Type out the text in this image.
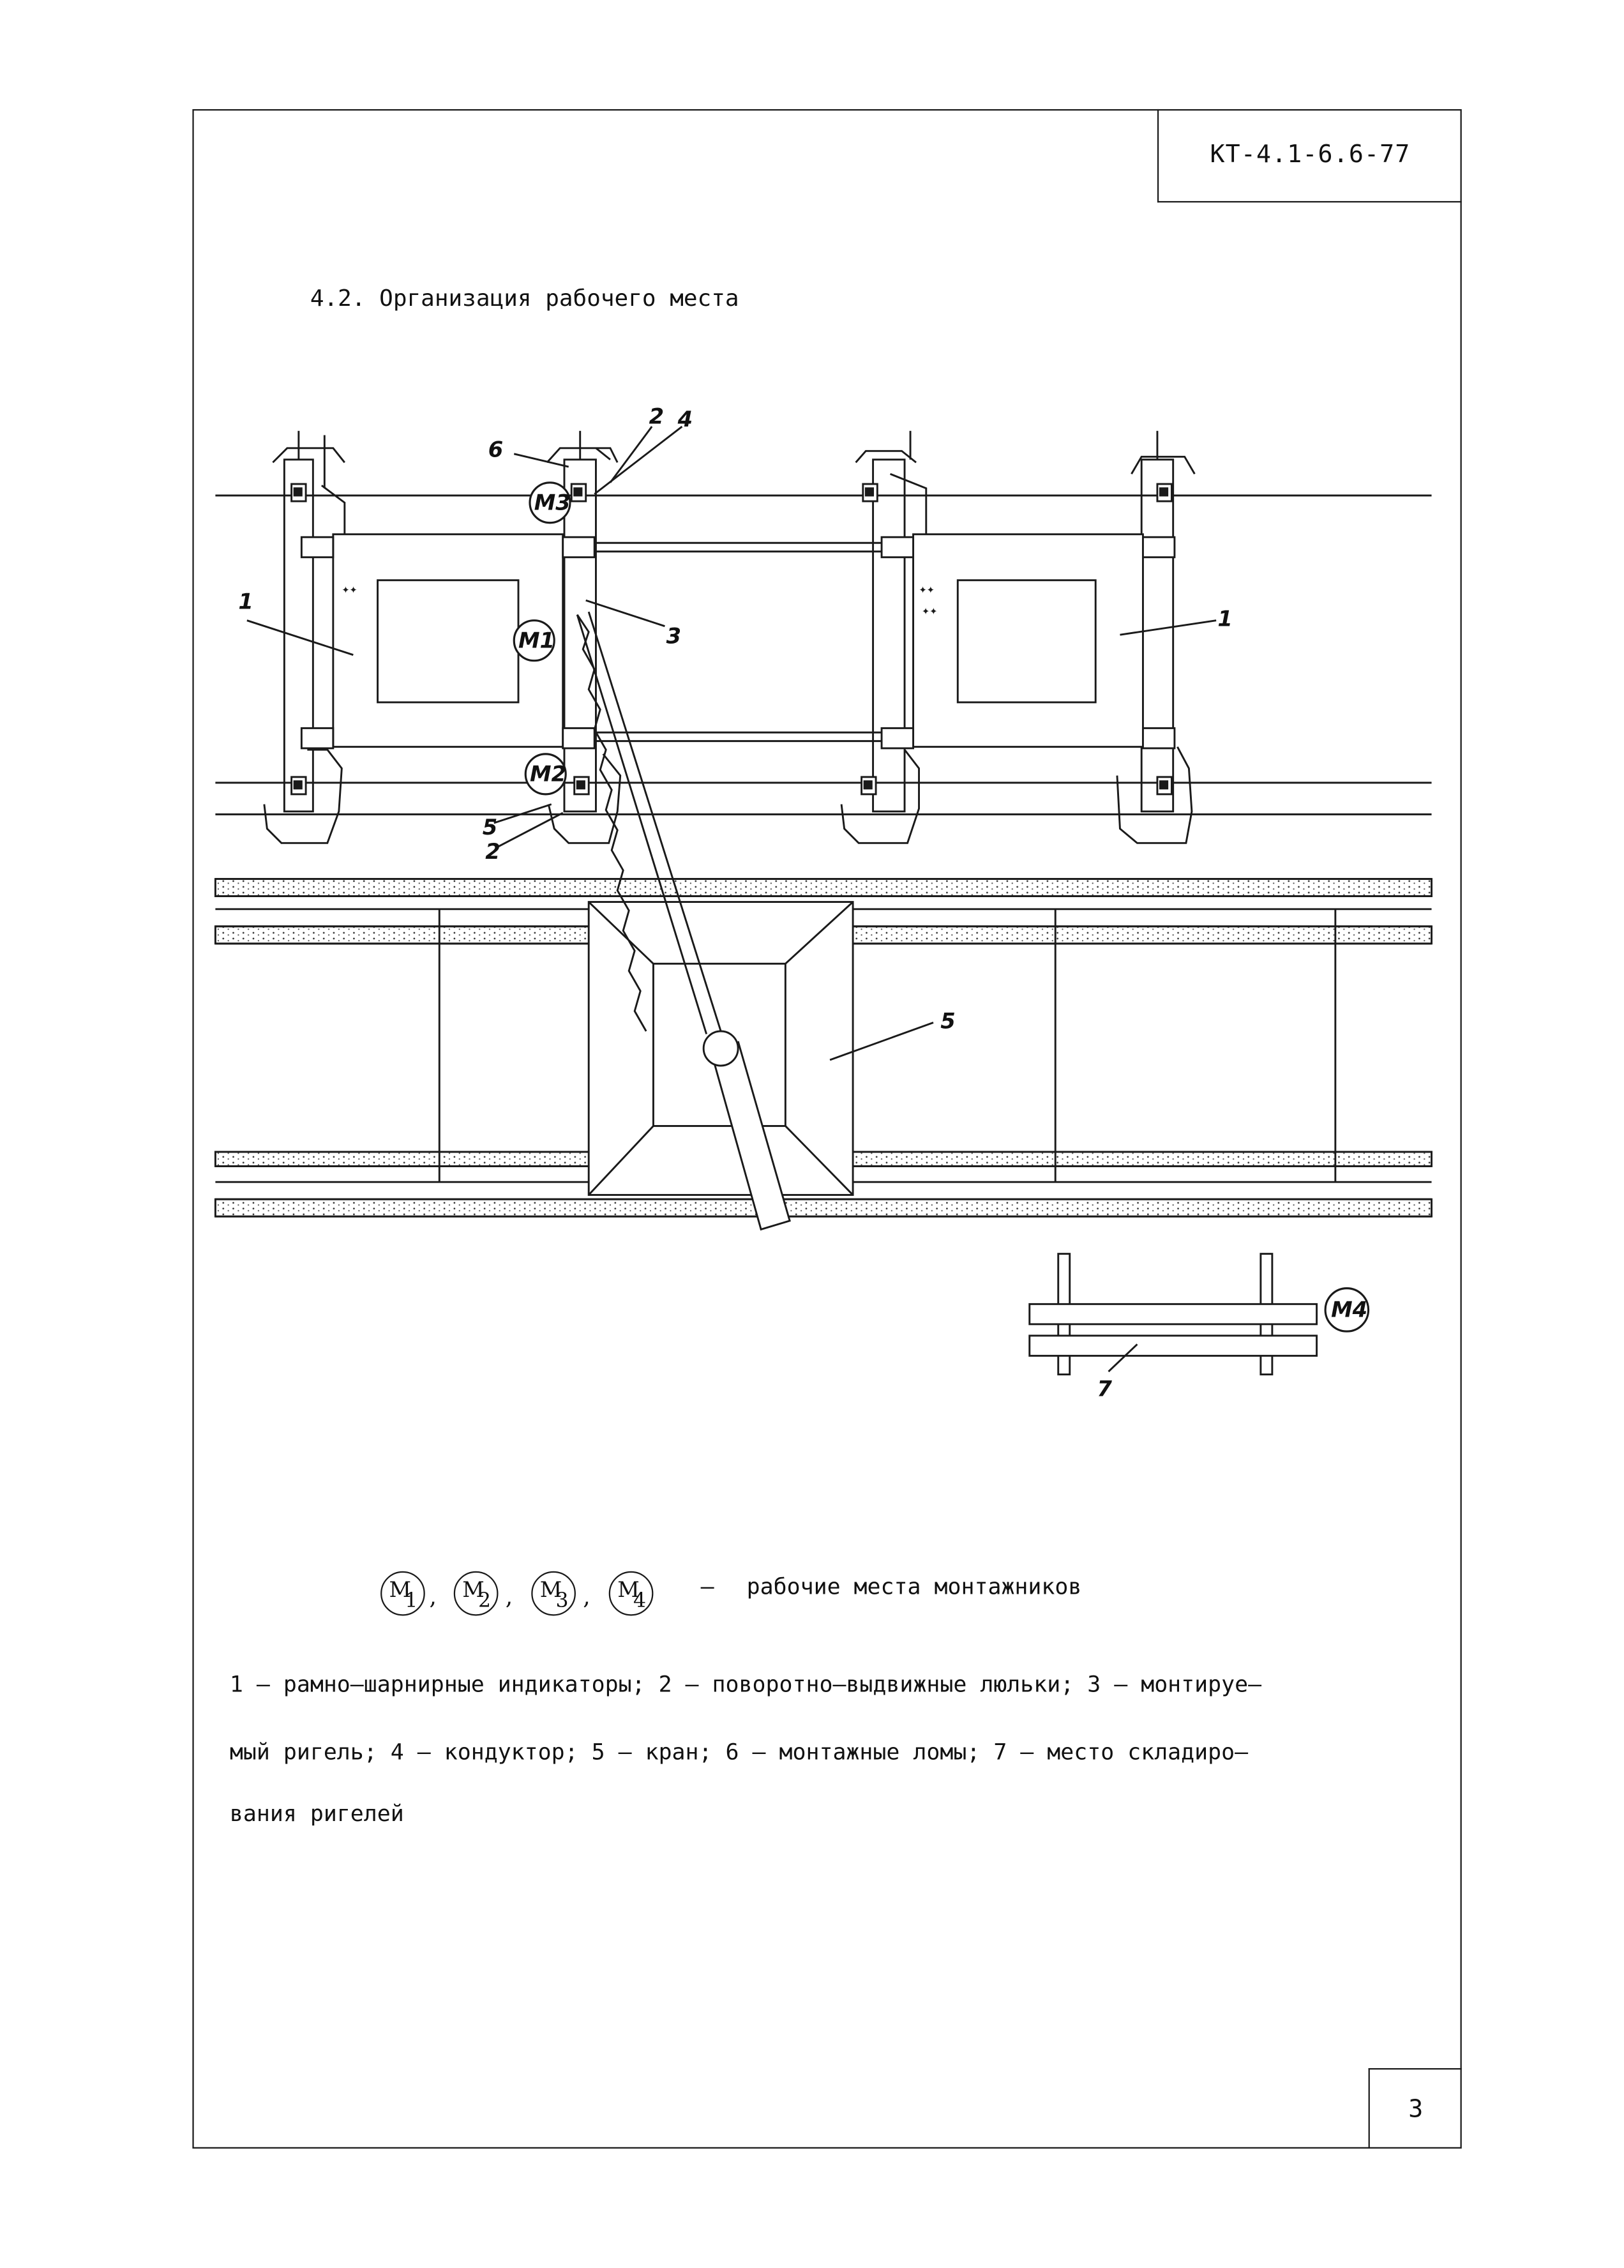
КТ-4.1-6.6-77
4.2. Организация рабочего места
✦✦	✦✦
✦✦
1
1
2 4
2
3
5
5
6
7
M3
M1
M2
M4
M
1 ,	M
2 ,	M
3 ,	M
4
–	рабочие места монтажников
1 – рамно–шарнирные индикаторы; 2 – поворотно–выдвижные люльки; 3 – монтируе–
мый ригель; 4 – кондуктор; 5 – кран; 6 – монтажные ломы; 7 – место складиро–
вания ригелей
3
